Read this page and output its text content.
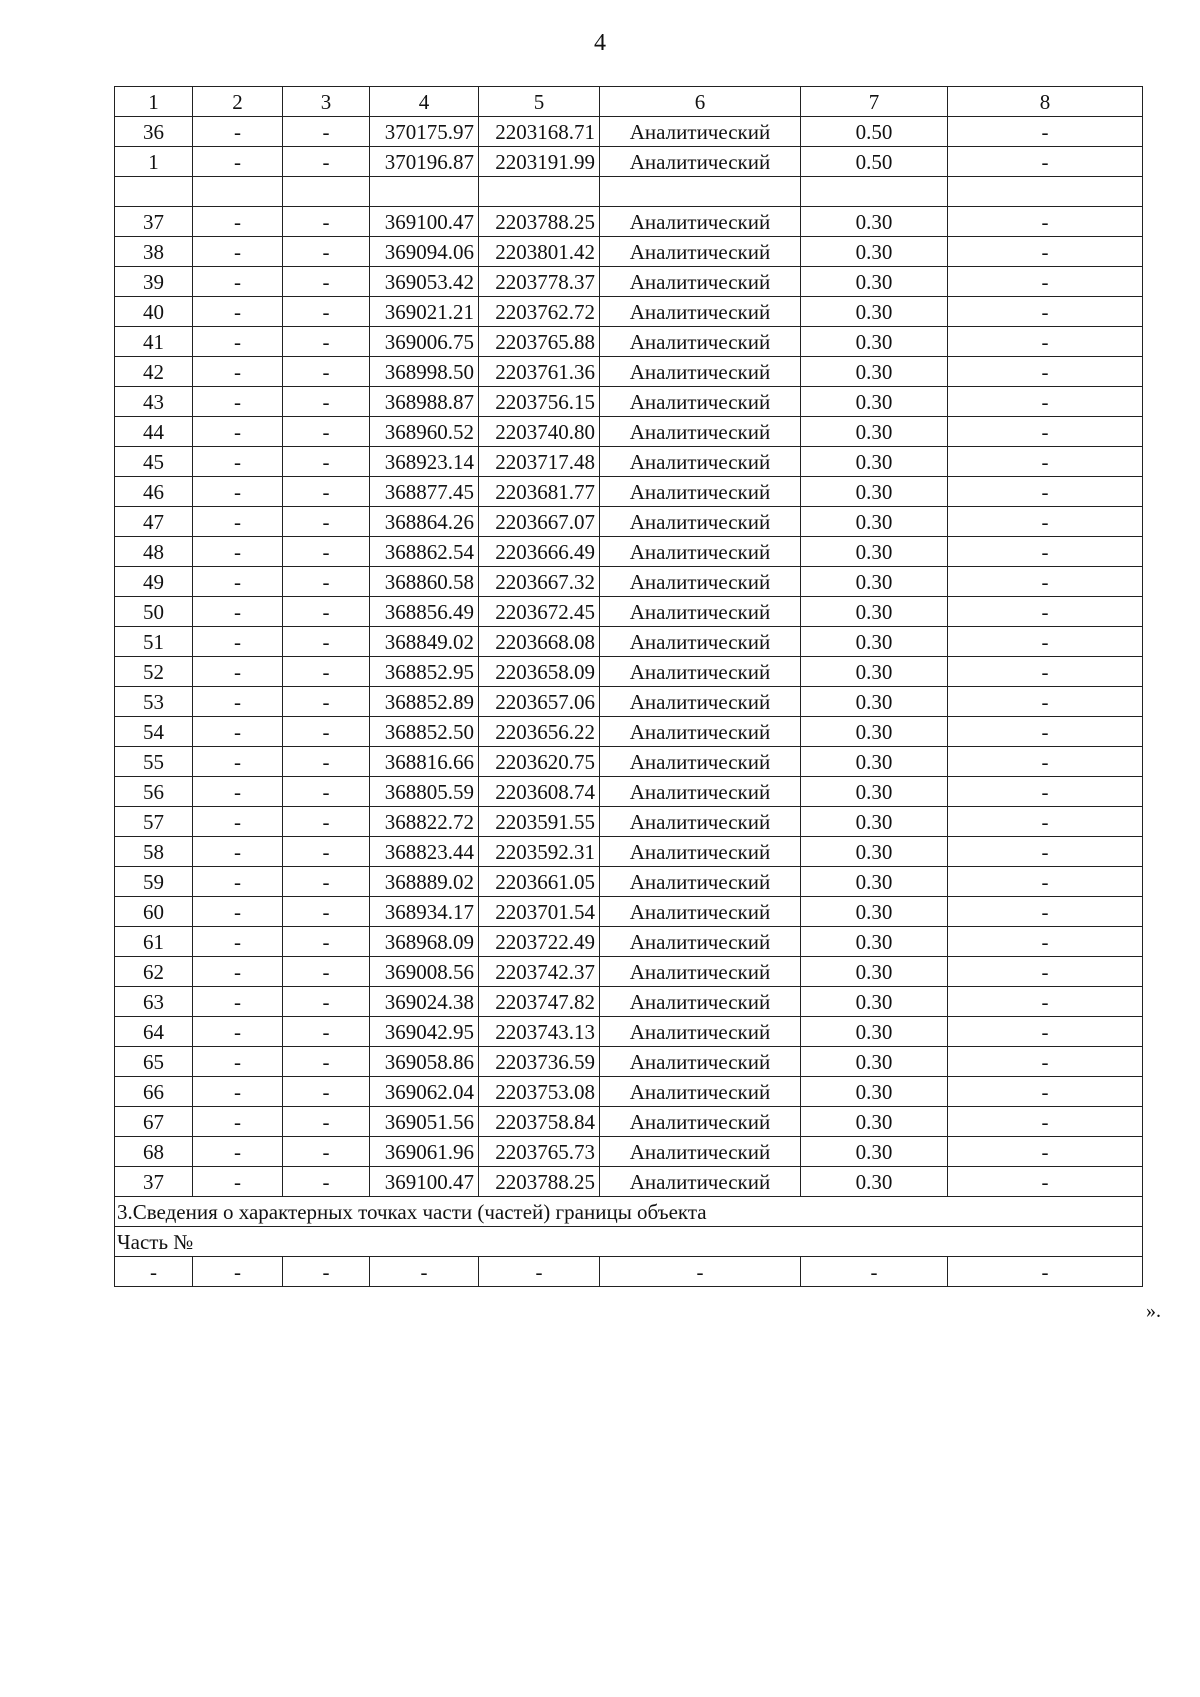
4
1	2	3	4	5	6	7	8
36	-	-	370175.97	2203168.71	Аналитический	0.50	-
1	-	-	370196.87	2203191.99	Аналитический	0.50	-

37	-	-	369100.47	2203788.25	Аналитический	0.30	-
38	-	-	369094.06	2203801.42	Аналитический	0.30	-
39	-	-	369053.42	2203778.37	Аналитический	0.30	-
40	-	-	369021.21	2203762.72	Аналитический	0.30	-
41	-	-	369006.75	2203765.88	Аналитический	0.30	-
42	-	-	368998.50	2203761.36	Аналитический	0.30	-
43	-	-	368988.87	2203756.15	Аналитический	0.30	-
44	-	-	368960.52	2203740.80	Аналитический	0.30	-
45	-	-	368923.14	2203717.48	Аналитический	0.30	-
46	-	-	368877.45	2203681.77	Аналитический	0.30	-
47	-	-	368864.26	2203667.07	Аналитический	0.30	-
48	-	-	368862.54	2203666.49	Аналитический	0.30	-
49	-	-	368860.58	2203667.32	Аналитический	0.30	-
50	-	-	368856.49	2203672.45	Аналитический	0.30	-
51	-	-	368849.02	2203668.08	Аналитический	0.30	-
52	-	-	368852.95	2203658.09	Аналитический	0.30	-
53	-	-	368852.89	2203657.06	Аналитический	0.30	-
54	-	-	368852.50	2203656.22	Аналитический	0.30	-
55	-	-	368816.66	2203620.75	Аналитический	0.30	-
56	-	-	368805.59	2203608.74	Аналитический	0.30	-
57	-	-	368822.72	2203591.55	Аналитический	0.30	-
58	-	-	368823.44	2203592.31	Аналитический	0.30	-
59	-	-	368889.02	2203661.05	Аналитический	0.30	-
60	-	-	368934.17	2203701.54	Аналитический	0.30	-
61	-	-	368968.09	2203722.49	Аналитический	0.30	-
62	-	-	369008.56	2203742.37	Аналитический	0.30	-
63	-	-	369024.38	2203747.82	Аналитический	0.30	-
64	-	-	369042.95	2203743.13	Аналитический	0.30	-
65	-	-	369058.86	2203736.59	Аналитический	0.30	-
66	-	-	369062.04	2203753.08	Аналитический	0.30	-
67	-	-	369051.56	2203758.84	Аналитический	0.30	-
68	-	-	369061.96	2203765.73	Аналитический	0.30	-
37	-	-	369100.47	2203788.25	Аналитический	0.30	-
3.Сведения о характерных точках части (частей) границы объекта							
Часть №							
-	-	-	-	-	-	-	-
».
